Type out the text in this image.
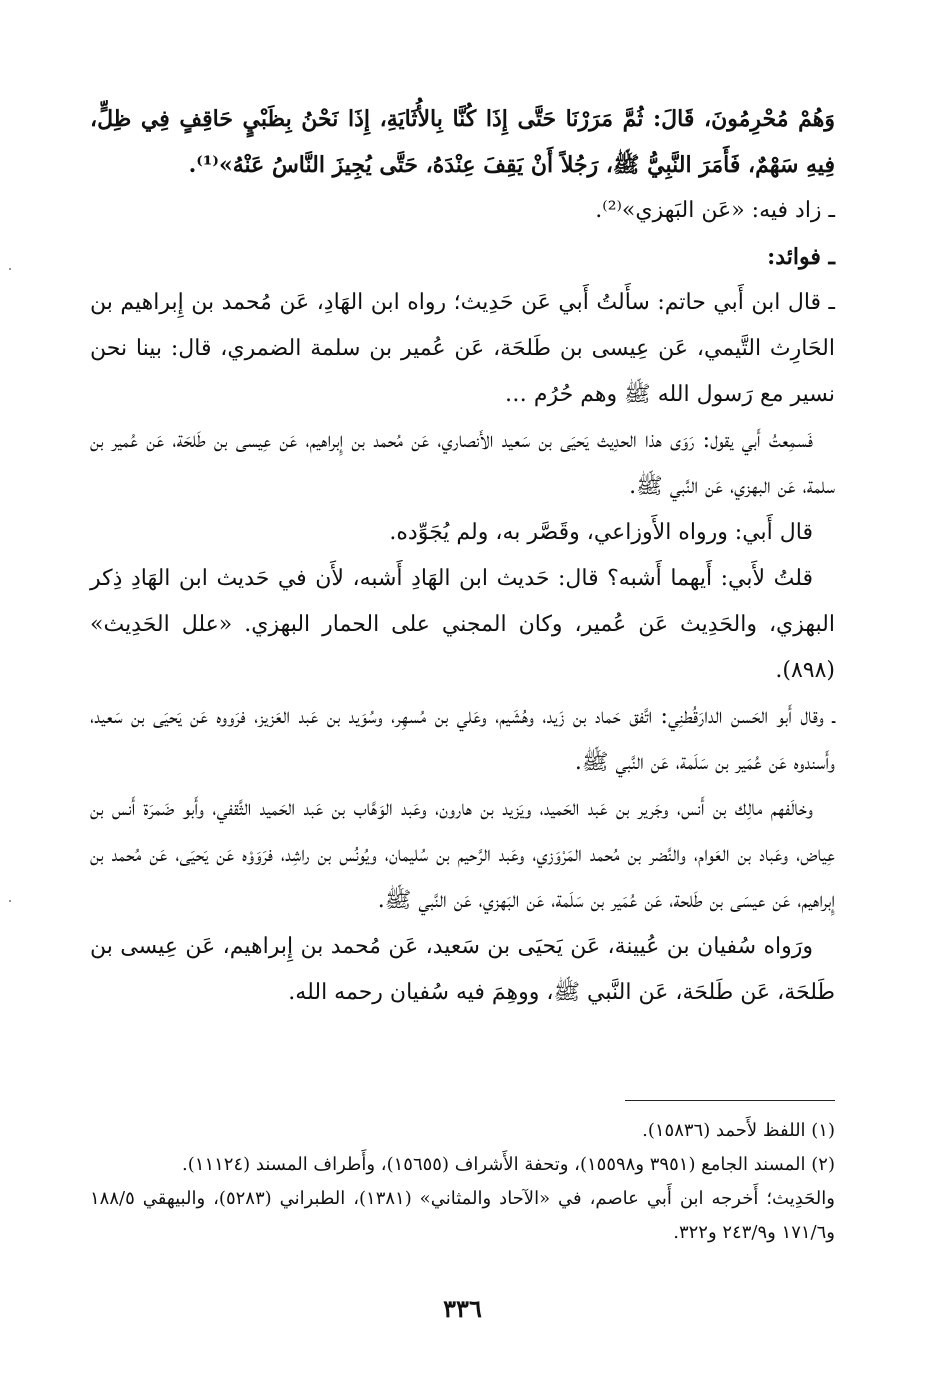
وَهُمْ مُحْرِمُونَ، قَالَ: ثُمَّ مَرَرْنَا حَتَّى إِذَا كُنَّا بِالأُثَايَةِ، إِذَا نَحْنُ بِظَبْيٍ حَاقِفٍ فِي ظِلٍّ، فِيهِ سَهْمٌ، فَأَمَرَ النَّبِيُّ ﷺ، رَجُلاً أَنْ يَقِفَ عِنْدَهُ، حَتَّى يُجِيزَ النَّاسُ عَنْهُ»⁽¹⁾.

ـ زاد فيه: «عَن البَهزي»⁽²⁾.

ـ فوائد:

ـ قال ابن أَبي حاتم: سأَلتُ أَبي عَن حَدِيث؛ رواه ابن الهَادِ، عَن مُحمد بن إِبراهيم بن الحَارِث التَّيمي، عَن عِيسى بن طَلحَة، عَن عُمير بن سلمة الضمري، قال: بينا نحن نسير مع رَسول الله ﷺ وهم حُرُم …

فَسمِعتُ أَبي يقول: رَوَى هذا الحدِيث يَحيَى بن سَعيد الأَنصاري، عَن مُحمد بن إِبراهيم، عَن عِيسى بن طَلحَة، عَن عُمير بن سلمة، عَن البهزي، عَن النَّبي ﷺ.

قال أَبي: ورواه الأَوزاعي، وقَصَّر به، ولم يُجَوِّده.

قلتُ لأَبي: أَيهما أَشبه؟ قال: حَديث ابن الهَادِ أَشبه، لأَن في حَديث ابن الهَادِ ذِكر البهزي، والحَدِيث عَن عُمير، وكان المجني على الحمار البهزي. «علل الحَدِيث» (٨٩٨).

ـ وقال أَبو الحَسن الدارَقُطنِي: اتَّفق حَماد بن زَيد، وهُشَيم، وعَلي بن مُسهِر، وسُوَيد بن عَبد العَزيز، فرَووه عَن يَحيَى بن سَعيد، وأَسندوه عَن عُمَير بن سَلَمة، عَن النَّبي ﷺ.

وخالَفهم مالِك بن أَنس، وجَرير بن عَبد الحَميد، ويَزيد بن هارون، وعَبد الوَهَّاب بن عَبد الحَميد الثَّقفي، وأَبو ضَمرَة أَنس بن عِياض، وعَباد بن العَوام، والنَّضر بن مُحمد المَرْوَزي، وعَبد الرَّحيم بن سُليمان، ويُونُس بن راشِد، فرَوَوْه عَن يَحيَى، عَن مُحمد بن إِبراهيم، عَن عيسَى بن طَلحة، عَن عُمَير بن سَلَمة، عَن البَهزي، عَن النَّبي ﷺ.

ورَواه سُفيان بن عُيينة، عَن يَحيَى بن سَعيد، عَن مُحمد بن إِبراهيم، عَن عِيسى بن طَلحَة، عَن طَلحَة، عَن النَّبي ﷺ، ووهِمَ فيه سُفيان رحمه الله.

(١) اللفظ لأَحمد (١٥٨٣٦).

(٢) المسند الجامع (٣٩٥١ و١٥٥٩٨)، وتحفة الأَشراف (١٥٦٥٥)، وأَطراف المسند (١١١٢٤).

والحَدِيث؛ أَخرجه ابن أَبي عاصم، في «الآحاد والمثاني» (١٣٨١)، الطبراني (٥٢٨٣)، والبيهقي ١٨٨/٥ و١٧١/٦ و٢٤٣/٩ و٣٢٢.

٣٣٦
